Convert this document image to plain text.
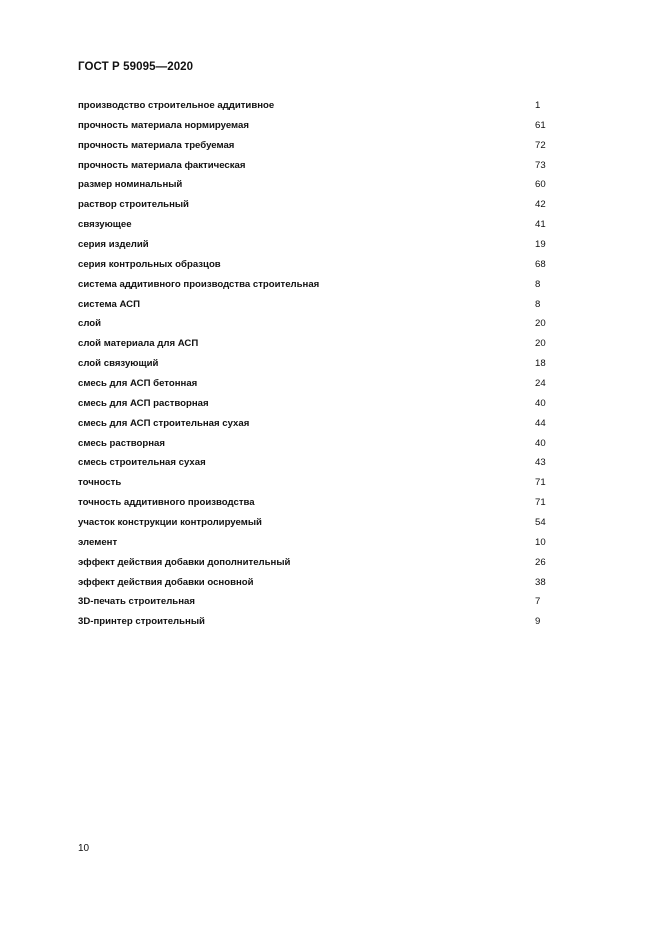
ГОСТ Р 59095—2020
производство строительное аддитивное	1
прочность материала нормируемая	61
прочность материала требуемая	72
прочность материала фактическая	73
размер номинальный	60
раствор строительный	42
связующее	41
серия изделий	19
серия контрольных образцов	68
система аддитивного производства строительная	8
система АСП	8
слой	20
слой материала для АСП	20
слой связующий	18
смесь для АСП бетонная	24
смесь для АСП растворная	40
смесь для АСП строительная сухая	44
смесь растворная	40
смесь строительная сухая	43
точность	71
точность аддитивного производства	71
участок конструкции контролируемый	54
элемент	10
эффект действия добавки дополнительный	26
эффект действия добавки основной	38
3D-печать строительная	7
3D-принтер строительный	9
10
